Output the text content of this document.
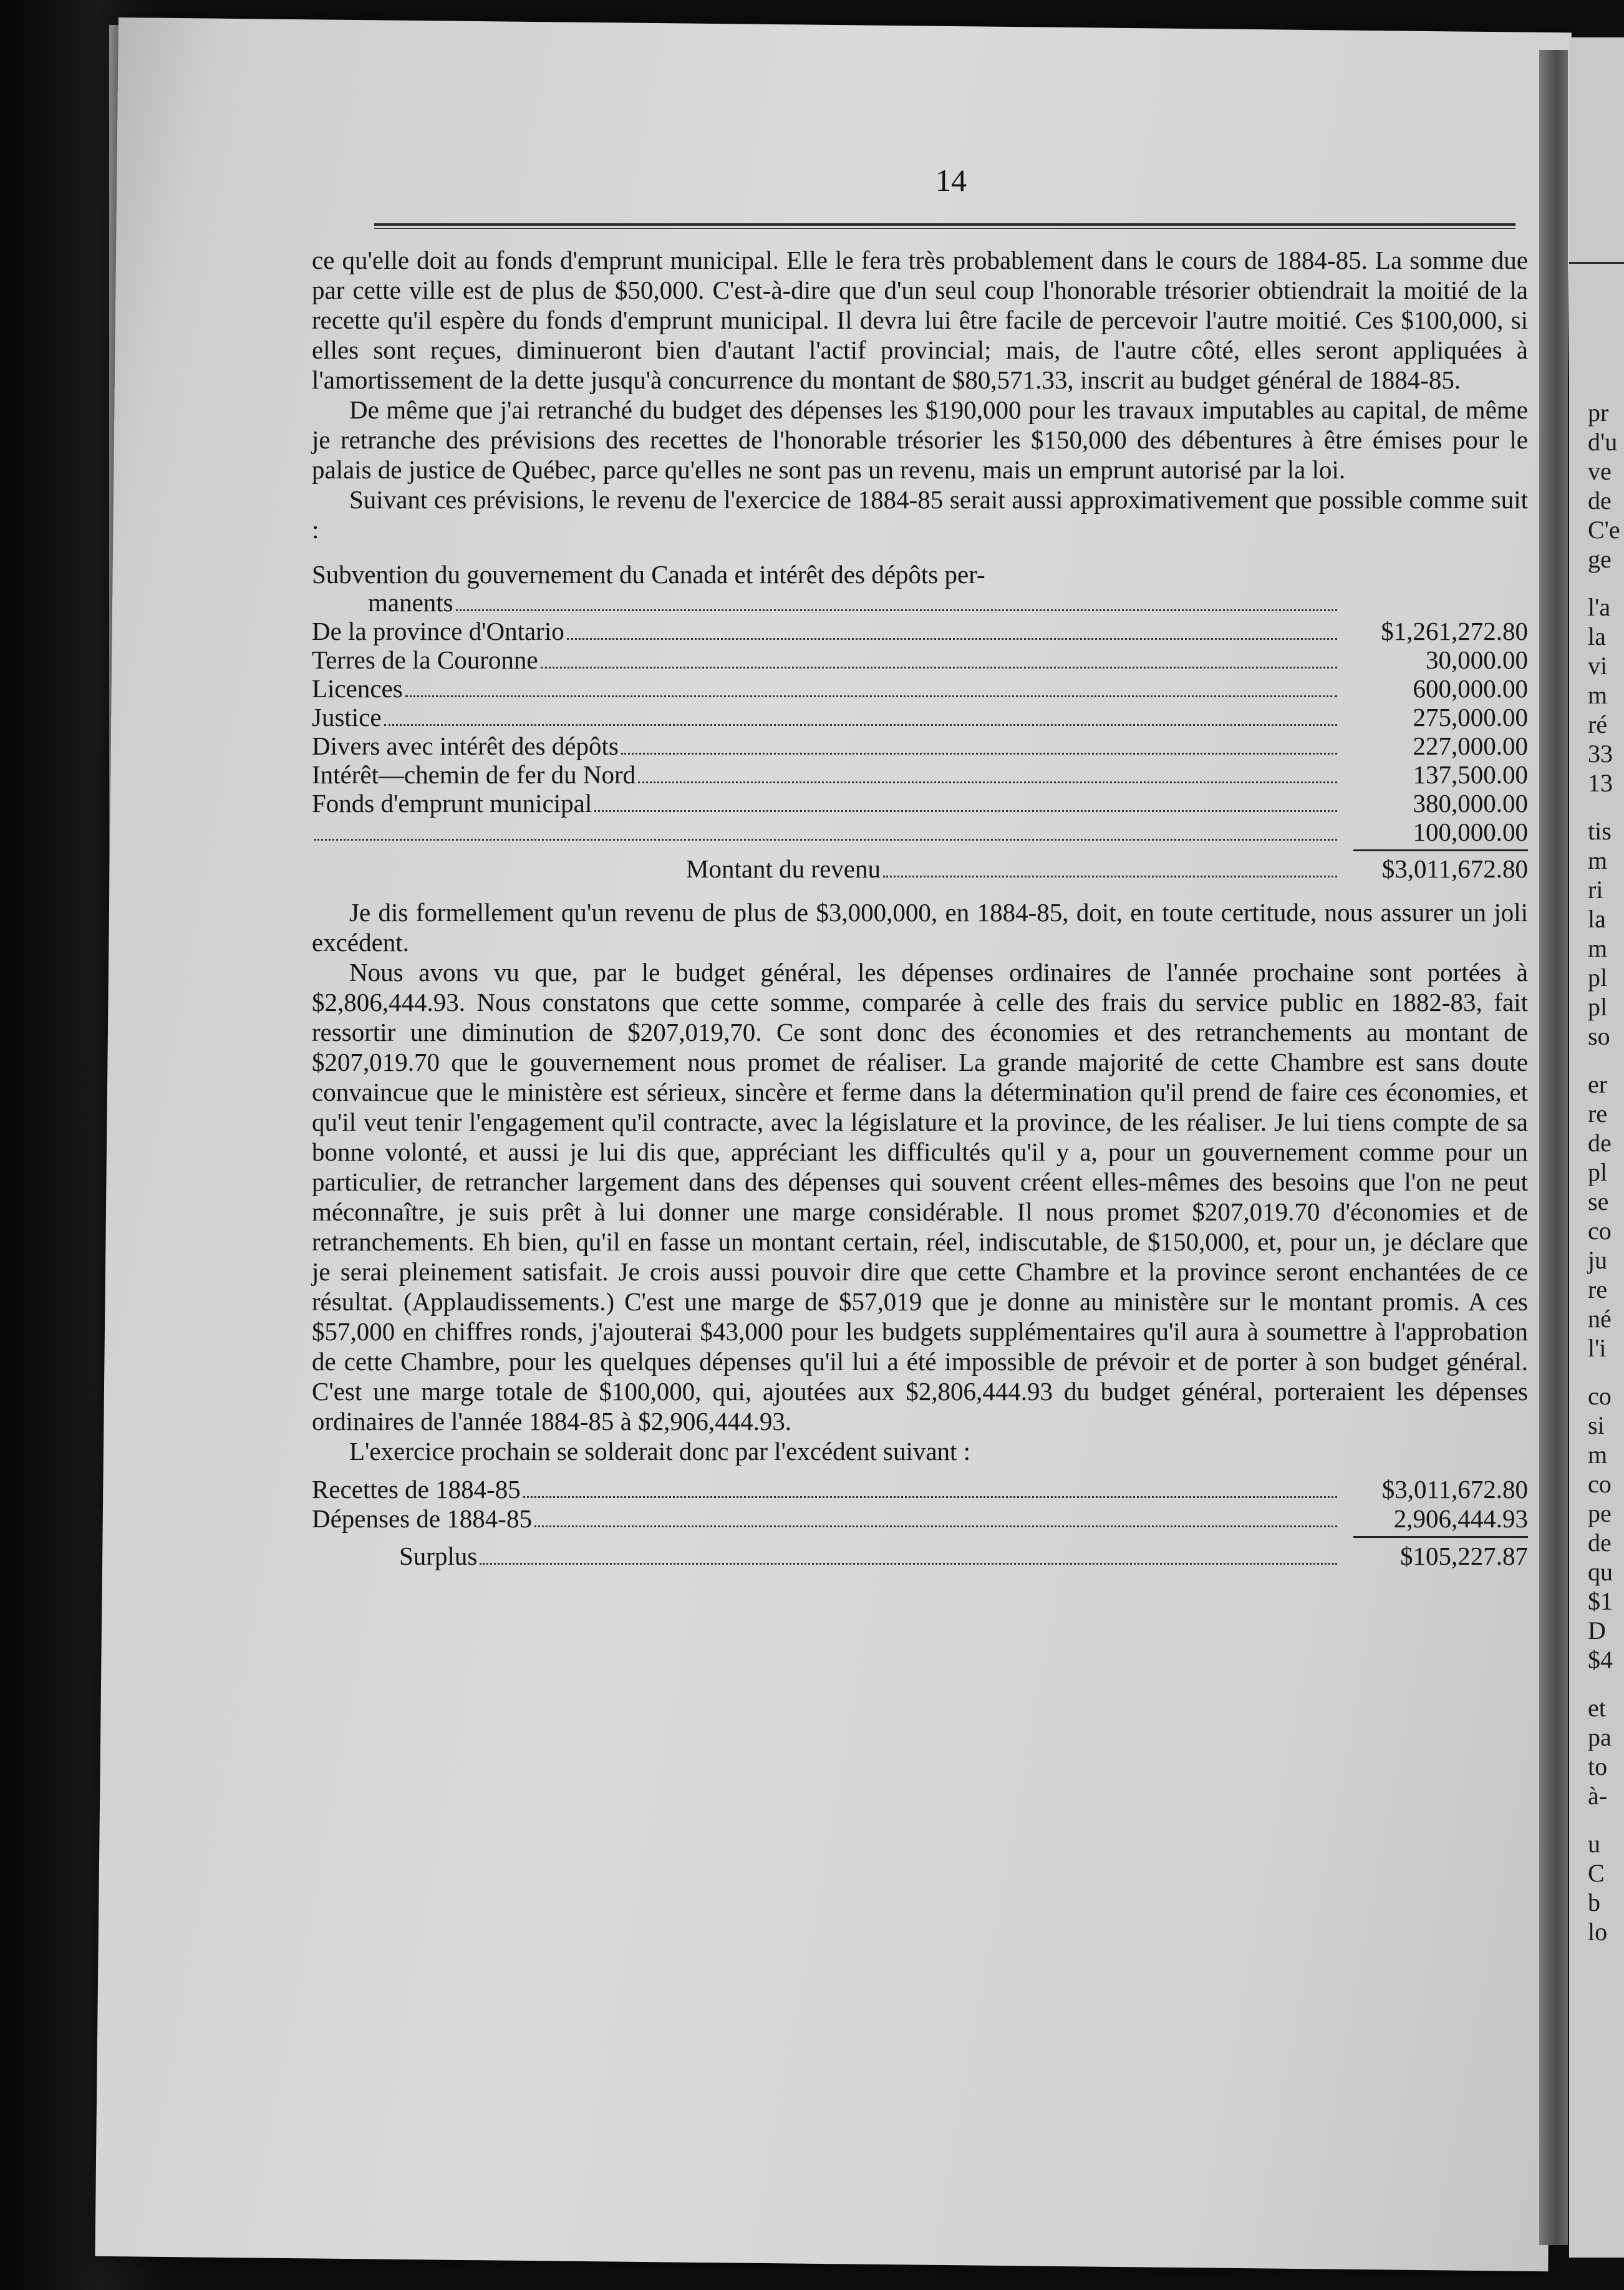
pr
d'u
ve
de
C'e
ge
l'a
la
vi
m
ré
33
13
tis
m
ri
la
m
pl
pl
so
er
re
de
pl
se
co
ju
re
né
l'i
co
si
m
co
pe
de
qu
$1
D
$4
et
pa
to
à-
u
C
b
lo
14

ce qu'elle doit au fonds d'emprunt municipal. Elle le fera très probablement dans le cours de 1884-85. La somme due par cette ville est de plus de $50,000. C'est-à-dire que d'un seul coup l'honorable trésorier obtiendrait la moitié de la recette qu'il espère du fonds d'emprunt municipal. Il devra lui être facile de percevoir l'autre moitié. Ces $100,000, si elles sont reçues, diminueront bien d'autant l'actif provincial; mais, de l'autre côté, elles seront appliquées à l'amortissement de la dette jusqu'à concurrence du montant de $80,571.33, inscrit au budget général de 1884-85.

De même que j'ai retranché du budget des dépenses les $190,000 pour les travaux imputables au capital, de même je retranche des prévisions des recettes de l'honorable trésorier les $150,000 des débentures à être émises pour le palais de justice de Québec, parce qu'elles ne sont pas un revenu, mais un emprunt autorisé par la loi.

Suivant ces prévisions, le revenu de l'exercice de 1884-85 serait aussi approximativement que possible comme suit :

Subvention du gouvernement du Canada et intérêt des dépôts per-
manents
De la province d'Ontario	$1,261,272.80
Terres de la Couronne	30,000.00
Licences	600,000.00
Justice	275,000.00
Divers avec intérêt des dépôts	227,000.00
Intérêt—chemin de fer du Nord	137,500.00
Fonds d'emprunt municipal	380,000.00
100,000.00
Montant du revenu	$3,011,672.80

Je dis formellement qu'un revenu de plus de $3,000,000, en 1884-85, doit, en toute certitude, nous assurer un joli excédent.

Nous avons vu que, par le budget général, les dépenses ordinaires de l'année prochaine sont portées à $2,806,444.93. Nous constatons que cette somme, comparée à celle des frais du service public en 1882-83, fait ressortir une diminution de $207,019,70. Ce sont donc des économies et des retranchements au montant de $207,019.70 que le gouvernement nous promet de réaliser. La grande majorité de cette Chambre est sans doute convaincue que le ministère est sérieux, sincère et ferme dans la détermination qu'il prend de faire ces économies, et qu'il veut tenir l'engagement qu'il contracte, avec la législature et la province, de les réaliser. Je lui tiens compte de sa bonne volonté, et aussi je lui dis que, appréciant les difficultés qu'il y a, pour un gouvernement comme pour un particulier, de retrancher largement dans des dépenses qui souvent créent elles-mêmes des besoins que l'on ne peut méconnaître, je suis prêt à lui donner une marge considérable. Il nous promet $207,019.70 d'économies et de retranchements. Eh bien, qu'il en fasse un montant certain, réel, indiscutable, de $150,000, et, pour un, je déclare que je serai pleinement satisfait. Je crois aussi pouvoir dire que cette Chambre et la province seront enchantées de ce résultat. (Applaudissements.) C'est une marge de $57,019 que je donne au ministère sur le montant promis. A ces $57,000 en chiffres ronds, j'ajouterai $43,000 pour les budgets supplémentaires qu'il aura à soumettre à l'approbation de cette Chambre, pour les quelques dépenses qu'il lui a été impossible de prévoir et de porter à son budget général. C'est une marge totale de $100,000, qui, ajoutées aux $2,806,444.93 du budget général, porteraient les dépenses ordinaires de l'année 1884-85 à $2,906,444.93.

L'exercice prochain se solderait donc par l'excédent suivant :

Recettes de 1884-85	$3,011,672.80
Dépenses de 1884-85	2,906,444.93
Surplus	$105,227.87
